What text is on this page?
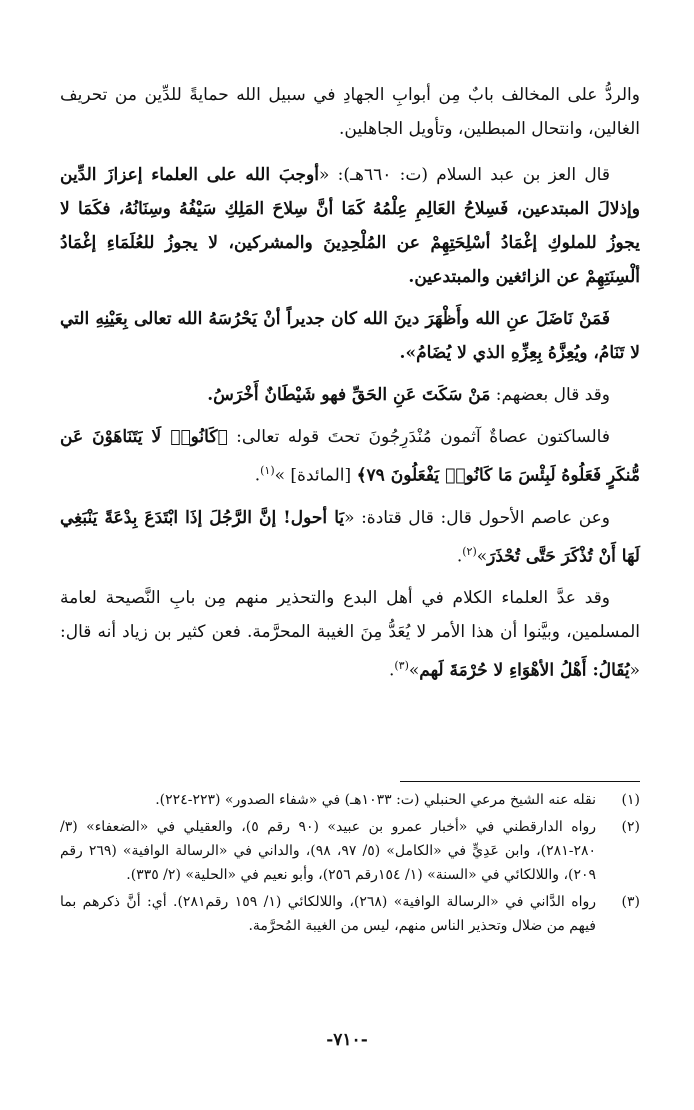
والردُّ على المخالف بابٌ مِن أبوابِ الجهادِ في سبيل الله حمايةً للدِّين من تحريف الغالين، وانتحال المبطلين، وتأويل الجاهلين.

قال العز بن عبد السلام (ت: ٦٦٠هـ): «أوجبَ الله على العلماء إعزازَ الدِّين وإذلالَ المبتدعين، فَسِلاحُ العَالِمِ عِلْمُهُ كَمَا أنَّ سِلاحَ المَلِكِ سَيْفُهُ وسِنَانُهُ، فكَمَا لا يجوزُ للملوكِ إغْمَادُ أسْلِحَتِهِمْ عن المُلْحِدِينَ والمشركين، لا يجوزُ للعُلَمَاءِ إغْمَادُ ألْسِنَتِهِمْ عن الزائغين والمبتدعين.

فَمَنْ نَاضَلَ عنِ الله وأَظْهَرَ دينَ الله كان جديراً أنْ يَحْرُسَهُ الله تعالى بِعَيْنِهِ التي لا تَنَامُ، ويُعِزَّهُ بِعِزِّهِ الذي لا يُضَامُ».

وقد قال بعضهم: مَنْ سَكَتَ عَنِ الحَقِّ فهو شَيْطَانٌ أَخْرَسُ.

فالساكتون عصاةٌ آثمون مُنْدَرِجُونَ تحتَ قوله تعالى: ﴿كَانُوا۟ لَا يَتَنَاهَوْنَ عَن مُّنكَرٍ فَعَلُوهُ لَبِئْسَ مَا كَانُوا۟ يَفْعَلُونَ ٧٩﴾ [المائدة] »$^{(١)}$.

وعن عاصم الأحول قال: قال قتادة: «يَا أحول! إنَّ الرَّجُلَ إذَا ابْتَدَعَ بِدْعَةً يَنْبَغِي لَهَا أَنْ تُذْكَرَ حَتَّى تُحْذَرَ»$^{(٢)}$.

وقد عدَّ العلماء الكلام في أهل البدع والتحذير منهم مِن بابِ النَّصيحة لعامة المسلمين، وبيَّنوا أن هذا الأمر لا يُعَدُّ مِنَ الغيبة المحرَّمة. فعن كثير بن زياد أنه قال: «يُقَالُ: أَهْلُ الأهْوَاءِ لا حُرْمَةَ لَهم»$^{(٣)}$.

(١)
نقله عنه الشيخ مرعي الحنبلي (ت: ١٠٣٣هـ) في «شفاء الصدور» (٢٢٣-٢٢٤).
(٢)
رواه الدارقطني في «أخبار عمرو بن عبيد» (٩٠ رقم ٥)، والعقيلي في «الضعفاء» (٣/ ٢٨٠-٢٨١)، وابن عَدِيٍّ في «الكامل» (٥/ ٩٧، ٩٨)، والداني في «الرسالة الوافية» (٢٦٩ رقم ٢٠٩)، واللالكائي في «السنة» (١/ ١٥٤رقم ٢٥٦)، وأبو نعيم في «الحلية» (٢/ ٣٣٥).
(٣)
رواه الدَّاني في «الرسالة الوافية» (٢٦٨)، واللالكائي (١/ ١٥٩ رقم٢٨١). أي: أنَّ ذكرهم بما فيهم من ضلال وتحذير الناس منهم، ليس من الغيبة المُحرَّمة.
-٧١٠-
